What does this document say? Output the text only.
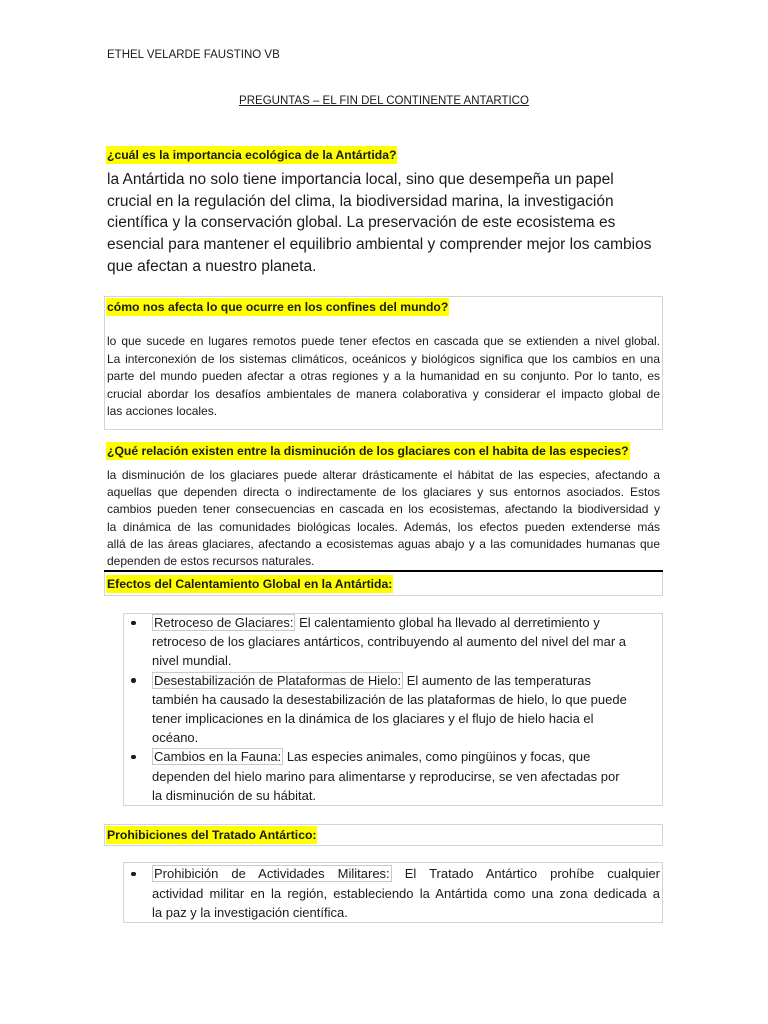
ETHEL VELARDE FAUSTINO VB
PREGUNTAS – EL FIN DEL CONTINENTE ANTARTICO
¿cuál es la importancia ecológica de la Antártida?
la Antártida no solo tiene importancia local, sino que desempeña un papel
crucial en la regulación del clima, la biodiversidad marina, la investigación
científica y la conservación global. La preservación de este ecosistema es
esencial para mantener el equilibrio ambiental y comprender mejor los cambios
que afectan a nuestro planeta.
cómo nos afecta lo que ocurre en los confines del mundo?
lo que sucede en lugares remotos puede tener efectos en cascada que se extienden a nivel global.
La interconexión de los sistemas climáticos, oceánicos y biológicos significa que los cambios en una
parte del mundo pueden afectar a otras regiones y a la humanidad en su conjunto. Por lo tanto, es
crucial abordar los desafíos ambientales de manera colaborativa y considerar el impacto global de
las acciones locales.
¿Qué relación existen entre la disminución de los glaciares con el habita de las especies?
la disminución de los glaciares puede alterar drásticamente el hábitat de las especies, afectando a
aquellas que dependen directa o indirectamente de los glaciares y sus entornos asociados. Estos
cambios pueden tener consecuencias en cascada en los ecosistemas, afectando la biodiversidad y
la dinámica de las comunidades biológicas locales. Además, los efectos pueden extenderse más
allá de las áreas glaciares, afectando a ecosistemas aguas abajo y a las comunidades humanas que
dependen de estos recursos naturales.
Efectos del Calentamiento Global en la Antártida:
Retroceso de Glaciares: El calentamiento global ha llevado al derretimiento y
retroceso de los glaciares antárticos, contribuyendo al aumento del nivel del mar a
nivel mundial.
Desestabilización de Plataformas de Hielo: El aumento de las temperaturas
también ha causado la desestabilización de las plataformas de hielo, lo que puede
tener implicaciones en la dinámica de los glaciares y el flujo de hielo hacia el
océano.
Cambios en la Fauna: Las especies animales, como pingüinos y focas, que
dependen del hielo marino para alimentarse y reproducirse, se ven afectadas por
la disminución de su hábitat.
Prohibiciones del Tratado Antártico:
Prohibición de Actividades Militares: El Tratado Antártico prohíbe cualquier
actividad militar en la región, estableciendo la Antártida como una zona dedicada a
la paz y la investigación científica.
